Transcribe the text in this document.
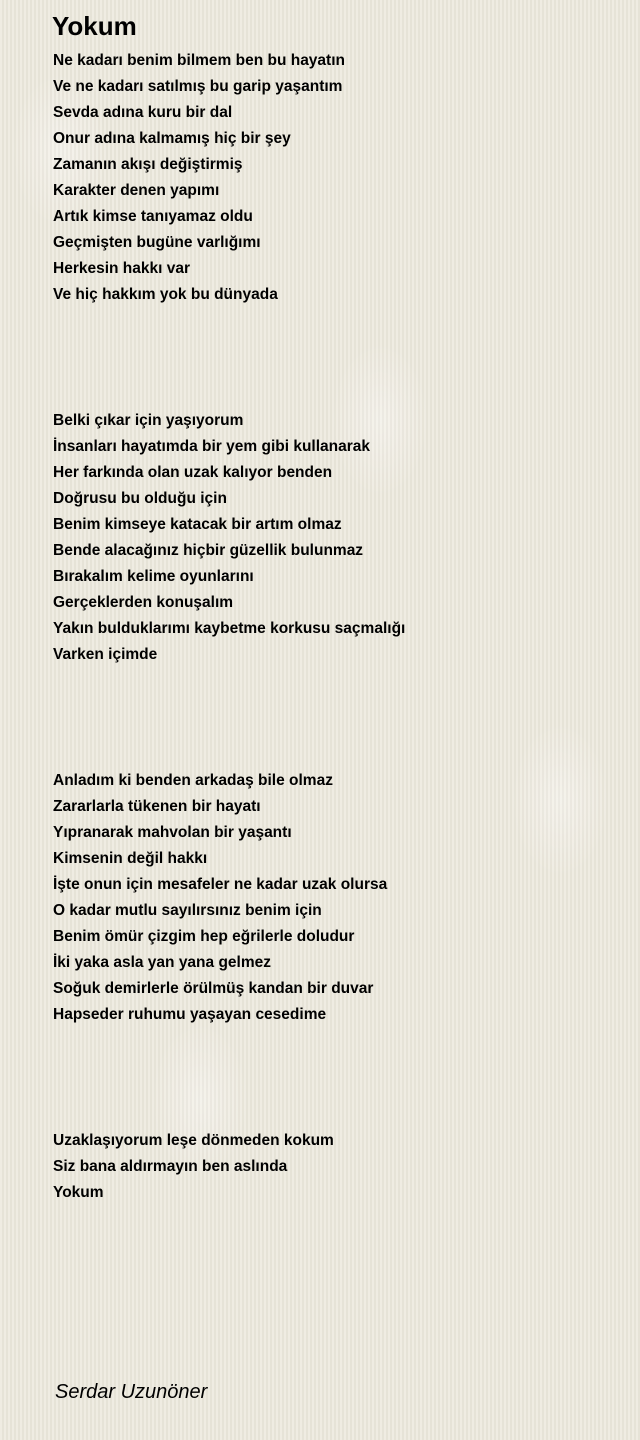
Yokum
Ne kadarı benim bilmem ben bu hayatın
Ve ne kadarı satılmış bu garip yaşantım
Sevda adına kuru bir dal
Onur adına kalmamış hiç bir şey
Zamanın akışı değiştirmiş
Karakter denen yapımı
Artık kimse tanıyamaz oldu
Geçmişten bugüne varlığımı
Herkesin hakkı var
Ve hiç hakkım yok bu dünyada
Belki çıkar için yaşıyorum
İnsanları hayatımda bir yem gibi kullanarak
Her farkında olan uzak kalıyor benden
Doğrusu bu olduğu için
Benim kimseye katacak bir artım olmaz
Bende alacağınız hiçbir güzellik bulunmaz
Bırakalım kelime oyunlarını
Gerçeklerden konuşalım
Yakın bulduklarımı kaybetme korkusu saçmalığı
Varken içimde
Anladım ki benden arkadaş bile olmaz
Zararlarla tükenen bir hayatı
Yıpranarak mahvolan bir yaşantı
Kimsenin değil hakkı
İşte onun için mesafeler ne kadar uzak olursa
O kadar mutlu sayılırsınız benim için
Benim ömür çizgim hep eğrilerle doludur
İki yaka asla yan yana gelmez
Soğuk demirlerle örülmüş kandan bir duvar
Hapseder ruhumu yaşayan cesedime
Uzaklaşıyorum leşe dönmeden kokum
Siz bana aldırmayın ben aslında
Yokum
Serdar Uzunöner
